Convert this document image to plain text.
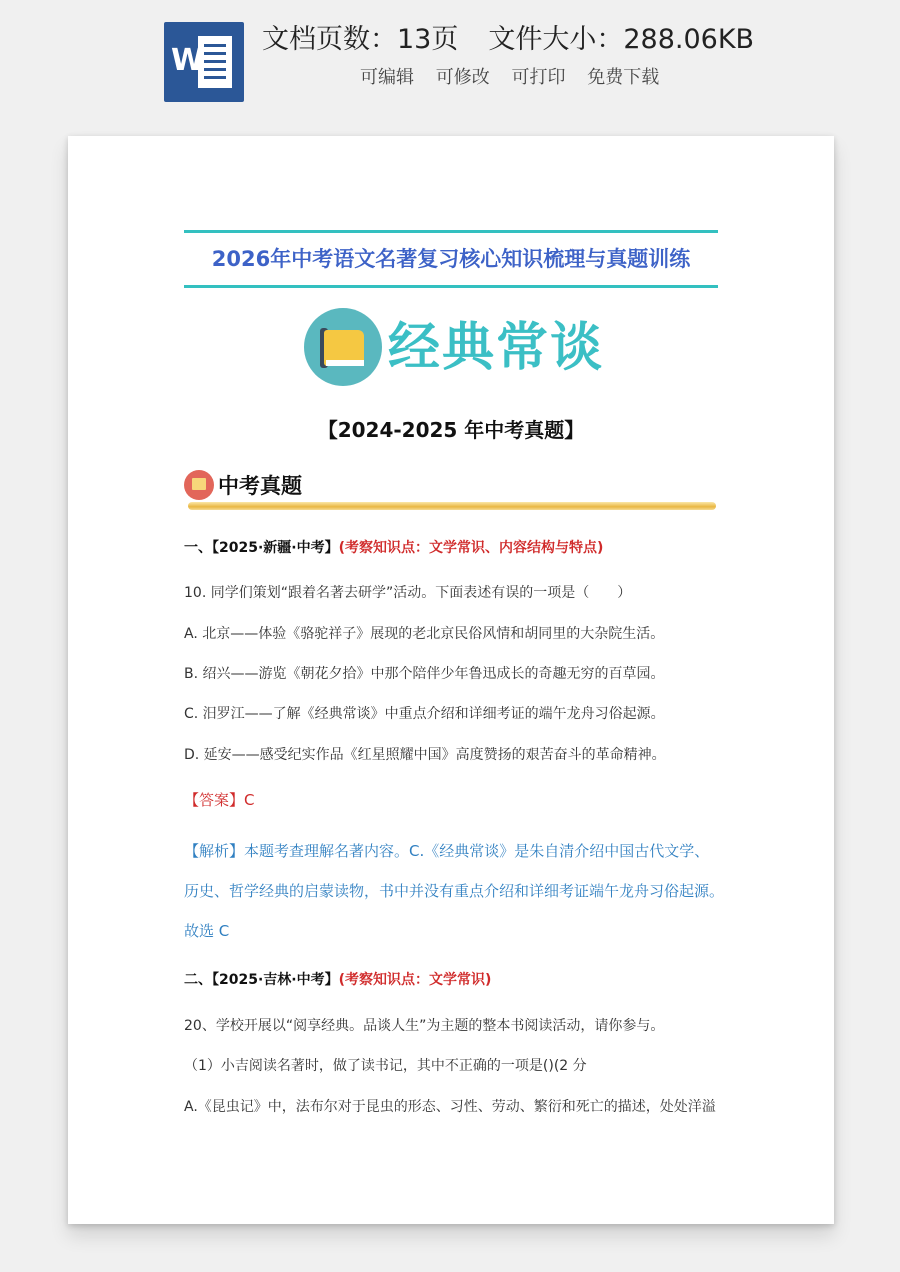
W
文档页数：13页 文件大小：288.06KB
可编辑 可修改 可打印 免费下载
2026年中考语文名著复习核心知识梳理与真题训练
经典常谈
【2024-2025 年中考真题】
中考真题
一、【2025·新疆·中考】(考察知识点：文学常识、内容结构与特点)
10. 同学们策划“跟着名著去研学”活动。下面表述有误的一项是（　　）
A. 北京——体验《骆驼祥子》展现的老北京民俗风情和胡同里的大杂院生活。
B. 绍兴——游览《朝花夕拾》中那个陪伴少年鲁迅成长的奇趣无穷的百草园。
C. 汨罗江——了解《经典常谈》中重点介绍和详细考证的端午龙舟习俗起源。
D. 延安——感受纪实作品《红星照耀中国》高度赞扬的艰苦奋斗的革命精神。
【答案】C
【解析】本题考查理解名著内容。C.《经典常谈》是朱自清介绍中国古代文学、
历史、哲学经典的启蒙读物，书中并没有重点介绍和详细考证端午龙舟习俗起源。
故选 C
二、【2025·吉林·中考】(考察知识点：文学常识)
20、学校开展以“阅享经典。品谈人生”为主题的整本书阅读活动，请你参与。
（1）小吉阅读名著时，做了读书记，其中不正确的一项是()(2 分
A.《昆虫记》中，法布尔对于昆虫的形态、习性、劳动、繁衍和死亡的描述，处处洋溢
